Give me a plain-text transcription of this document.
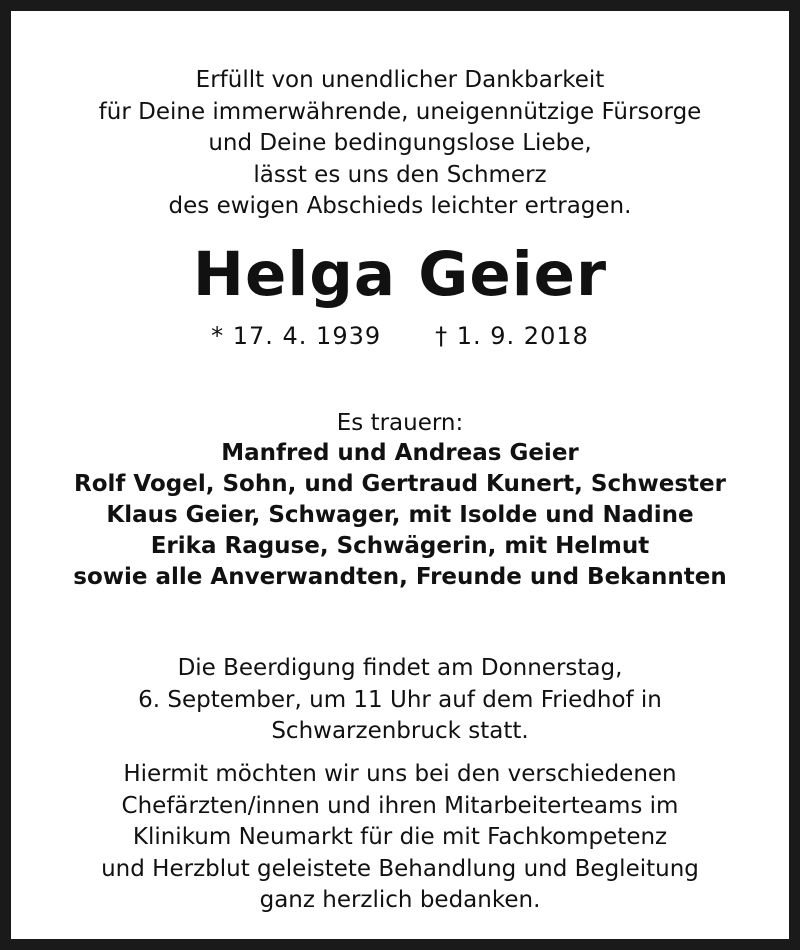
Erfüllt von unendlicher Dankbarkeit
für Deine immerwährende, uneigennützige Fürsorge
und Deine bedingungslose Liebe,
lässt es uns den Schmerz
des ewigen Abschieds leichter ertragen.
Helga Geier
* 17. 4. 1939 † 1. 9. 2018
Es trauern:
Manfred und Andreas Geier
Rolf Vogel, Sohn, und Gertraud Kunert, Schwester
Klaus Geier, Schwager, mit Isolde und Nadine
Erika Raguse, Schwägerin, mit Helmut
sowie alle Anverwandten, Freunde und Bekannten
Die Beerdigung findet am Donnerstag,
6. September, um 11 Uhr auf dem Friedhof in
Schwarzenbruck statt.
Hiermit möchten wir uns bei den verschiedenen
Chefärzten/innen und ihren Mitarbeiterteams im
Klinikum Neumarkt für die mit Fachkompetenz
und Herzblut geleistete Behandlung und Begleitung
ganz herzlich bedanken.
